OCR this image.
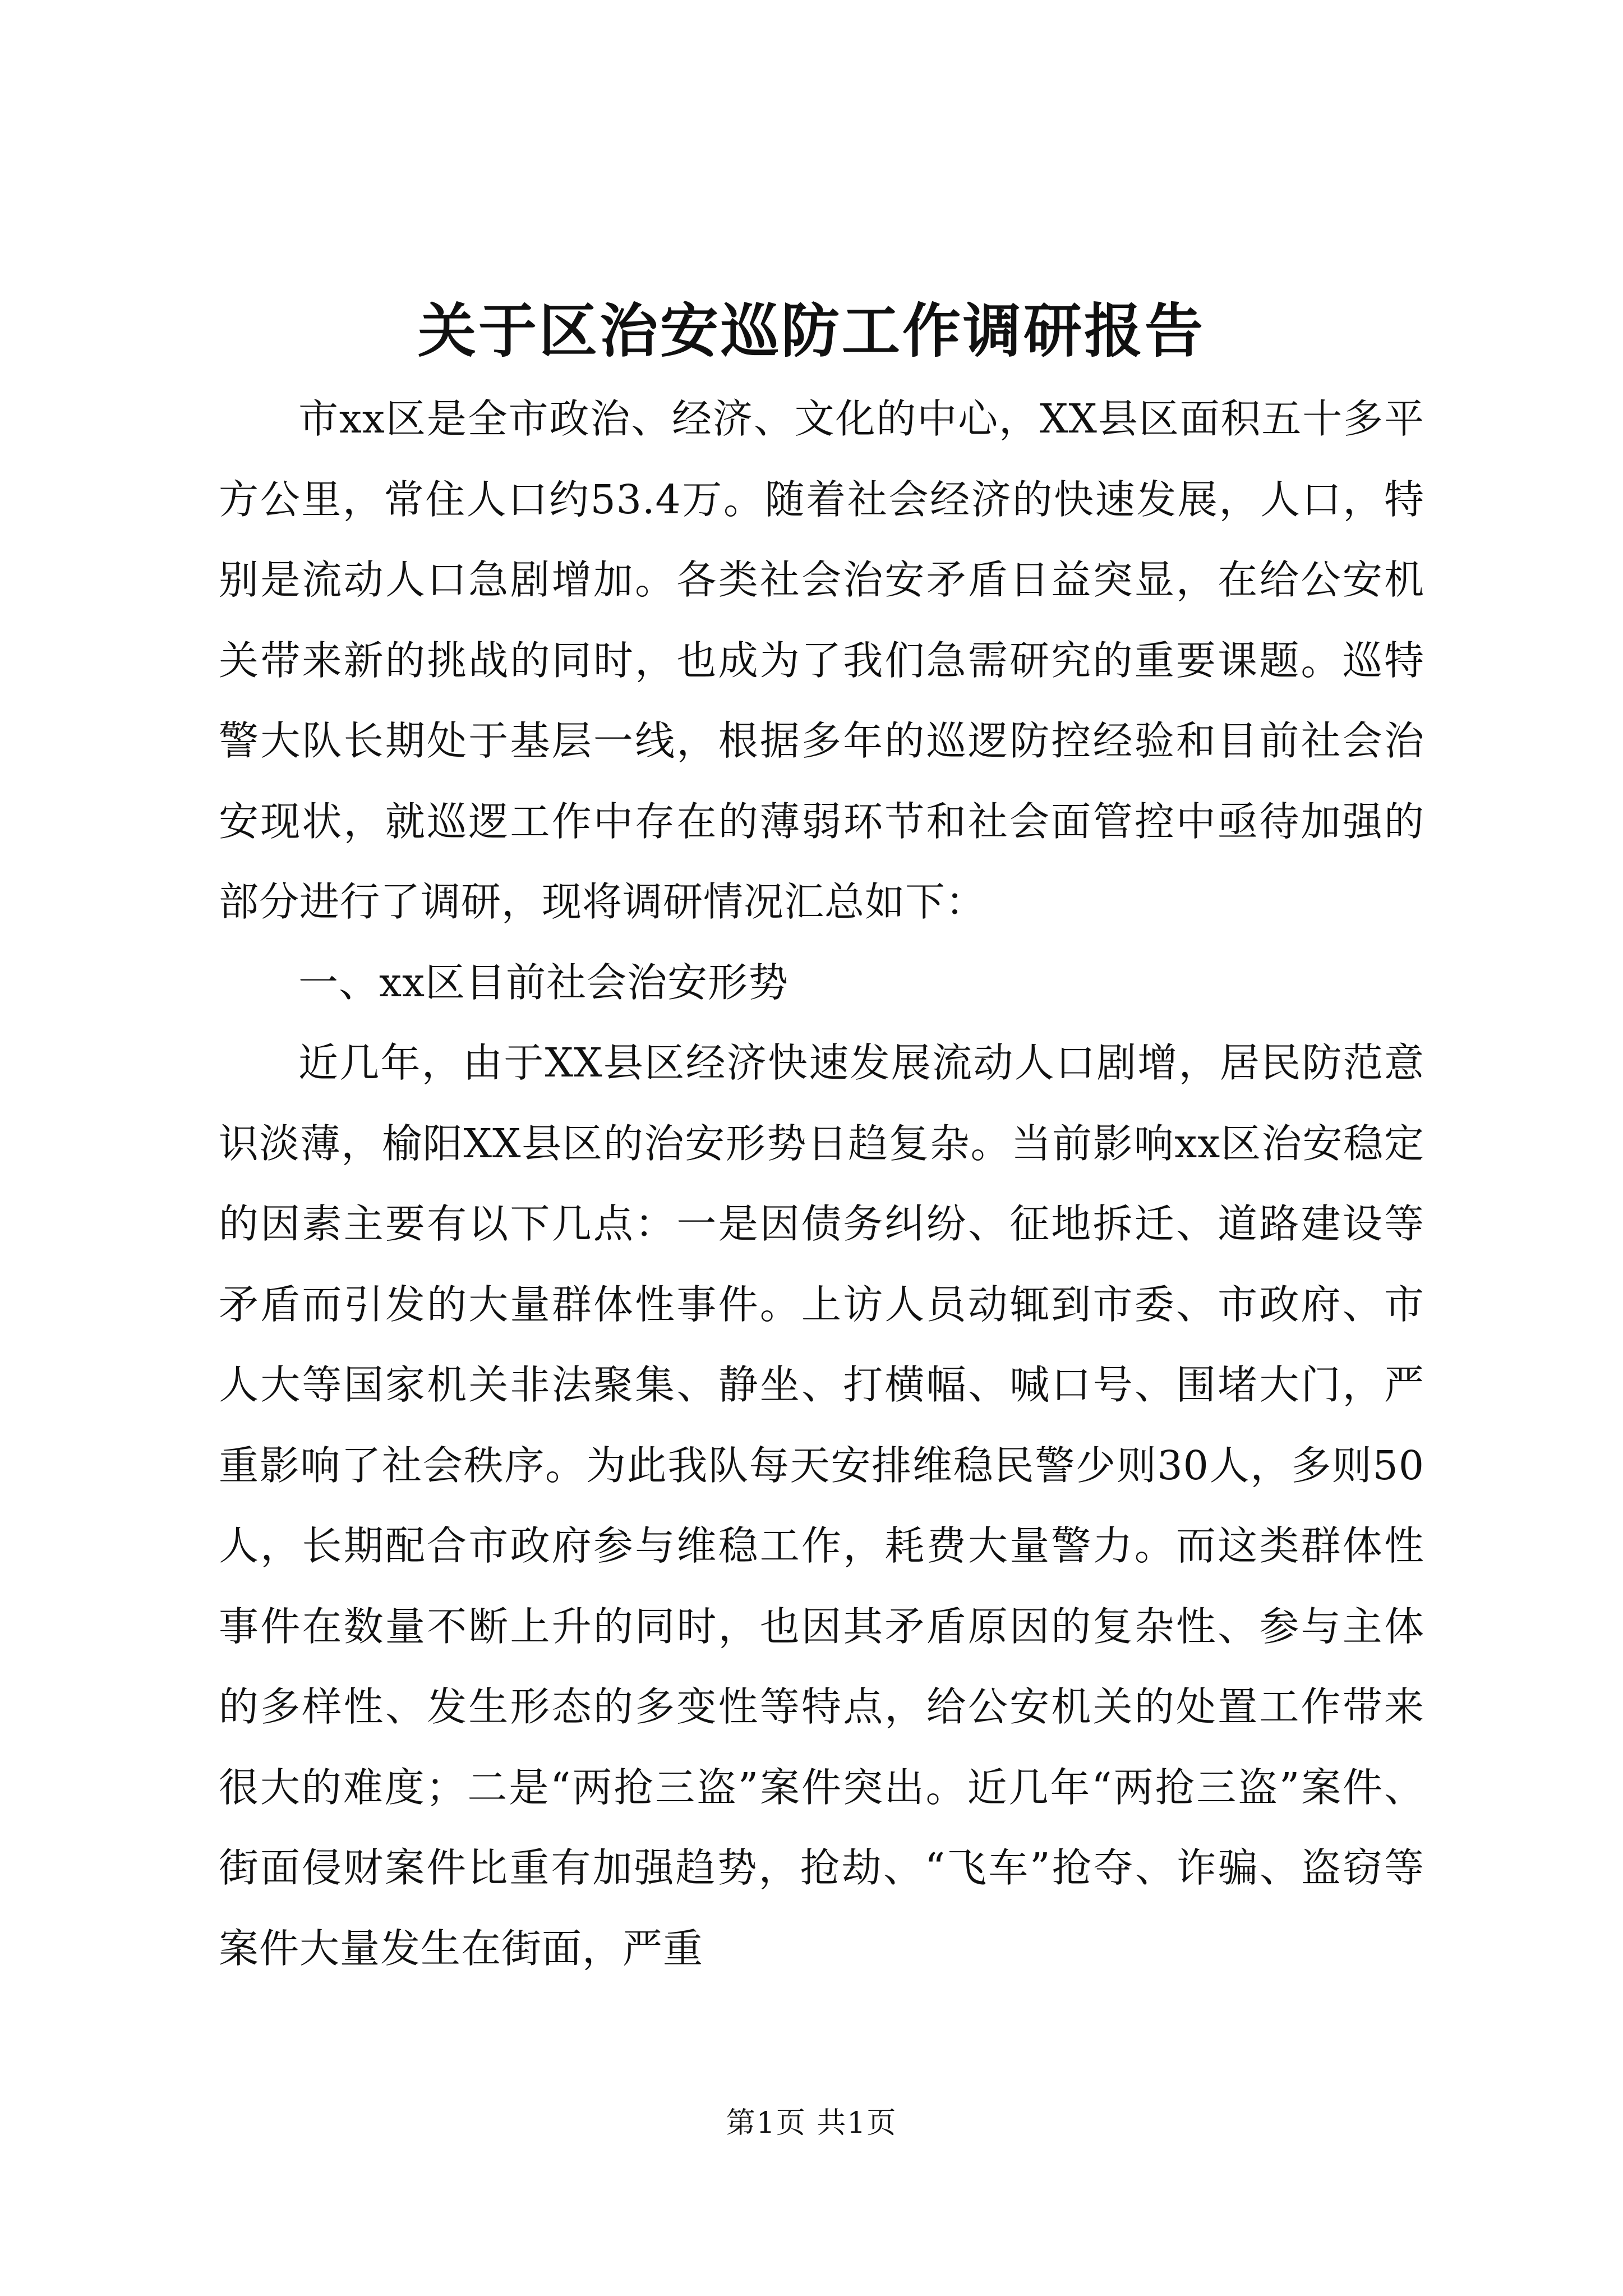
关于区治安巡防工作调研报告

市xx区是全市政治、经济、文化的中心，XX县区面积五十多平方公里，常住人口约53.4万。随着社会经济的快速发展，人口，特别是流动人口急剧增加。各类社会治安矛盾日益突显，在给公安机关带来新的挑战的同时，也成为了我们急需研究的重要课题。巡特警大队长期处于基层一线，根据多年的巡逻防控经验和目前社会治安现状，就巡逻工作中存在的薄弱环节和社会面管控中亟待加强的部分进行了调研，现将调研情况汇总如下：

一、xx区目前社会治安形势

近几年，由于XX县区经济快速发展流动人口剧增，居民防范意识淡薄，榆阳XX县区的治安形势日趋复杂。当前影响xx区治安稳定的因素主要有以下几点：一是因债务纠纷、征地拆迁、道路建设等矛盾而引发的大量群体性事件。上访人员动辄到市委、市政府、市人大等国家机关非法聚集、静坐、打横幅、喊口号、围堵大门，严重影响了社会秩序。为此我队每天安排维稳民警少则30人，多则50人，长期配合市政府参与维稳工作，耗费大量警力。而这类群体性事件在数量不断上升的同时，也因其矛盾原因的复杂性、参与主体的多样性、发生形态的多变性等特点，给公安机关的处置工作带来很大的难度；二是“两抢三盗”案件突出。近几年“两抢三盗”案件、街面侵财案件比重有加强趋势，抢劫、“飞车”抢夺、诈骗、盗窃等案件大量发生在街面，严重

第1页 共1页
